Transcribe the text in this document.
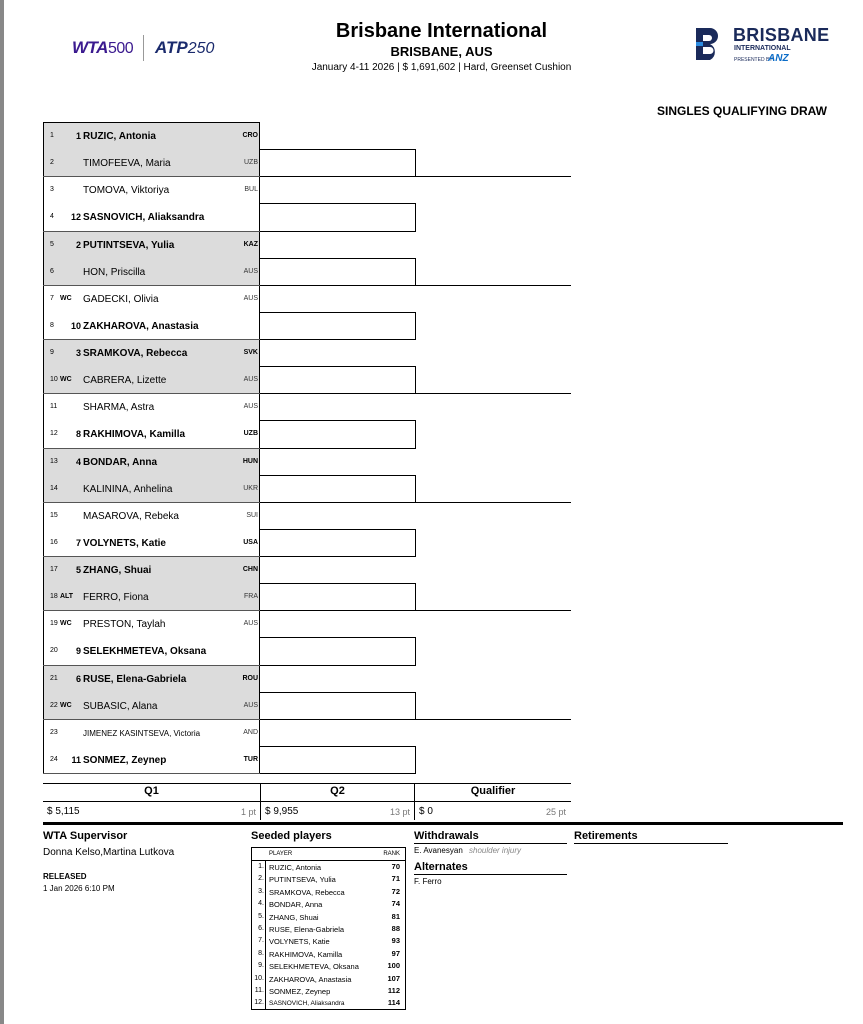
WTA500 ATP250
Brisbane International
BRISBANE, AUS
January 4-11 2026 | $ 1,691,602 | Hard, Greenset Cushion
BRISBANE
INTERNATIONAL
PRESENTED BY
ANZ
SINGLES QUALIFYING DRAW
1	1 RUZIC, Antonia	CRO
2	TIMOFEEVA, Maria	UZB
3	TOMOVA, Viktoriya	BUL
4 12 SASNOVICH, Aliaksandra
5	2 PUTINTSEVA, Yulia	KAZ
6	HON, Priscilla	AUS
7 WC GADECKI, Olivia	AUS
8 10 ZAKHAROVA, Anastasia
9	3 SRAMKOVA, Rebecca	SVK
10 WC CABRERA, Lizette	AUS
11	SHARMA, Astra	AUS
12	8 RAKHIMOVA, Kamilla	UZB
13	4 BONDAR, Anna	HUN
14	KALININA, Anhelina	UKR
15	MASAROVA, Rebeka	SUI
16	7 VOLYNETS, Katie	USA
17	5 ZHANG, Shuai	CHN
18 ALT FERRO, Fiona	FRA
19 WC PRESTON, Taylah	AUS
20	9 SELEKHMETEVA, Oksana
21	6 RUSE, Elena-Gabriela	ROU
22 WC SUBASIC, Alana	AUS
23	JIMENEZ KASINTSEVA, Victoria	AND
24 11 SONMEZ, Zeynep	TUR
Q1	Q2	Qualifier
$ 5,115	1 pt $ 9,955	13 pt $ 0	25 pt
WTA Supervisor
Donna Kelso,Martina Lutkova
RELEASED
1 Jan 2026 6:10 PM
Seeded players
PLAYER	RANK
1. RUZIC, Antonia	70
2. PUTINTSEVA, Yulia	71
3. SRAMKOVA, Rebecca	72
4. BONDAR, Anna	74
5. ZHANG, Shuai	81
6. RUSE, Elena-Gabriela	88
7. VOLYNETS, Katie	93
8. RAKHIMOVA, Kamilla	97
9. SELEKHMETEVA, Oksana	100
10. ZAKHAROVA, Anastasia	107
11. SONMEZ, Zeynep	112
12. SASNOVICH, Aliaksandra	114
Withdrawals
E. Avanesyan shoulder injury
Alternates
F. Ferro
Retirements
